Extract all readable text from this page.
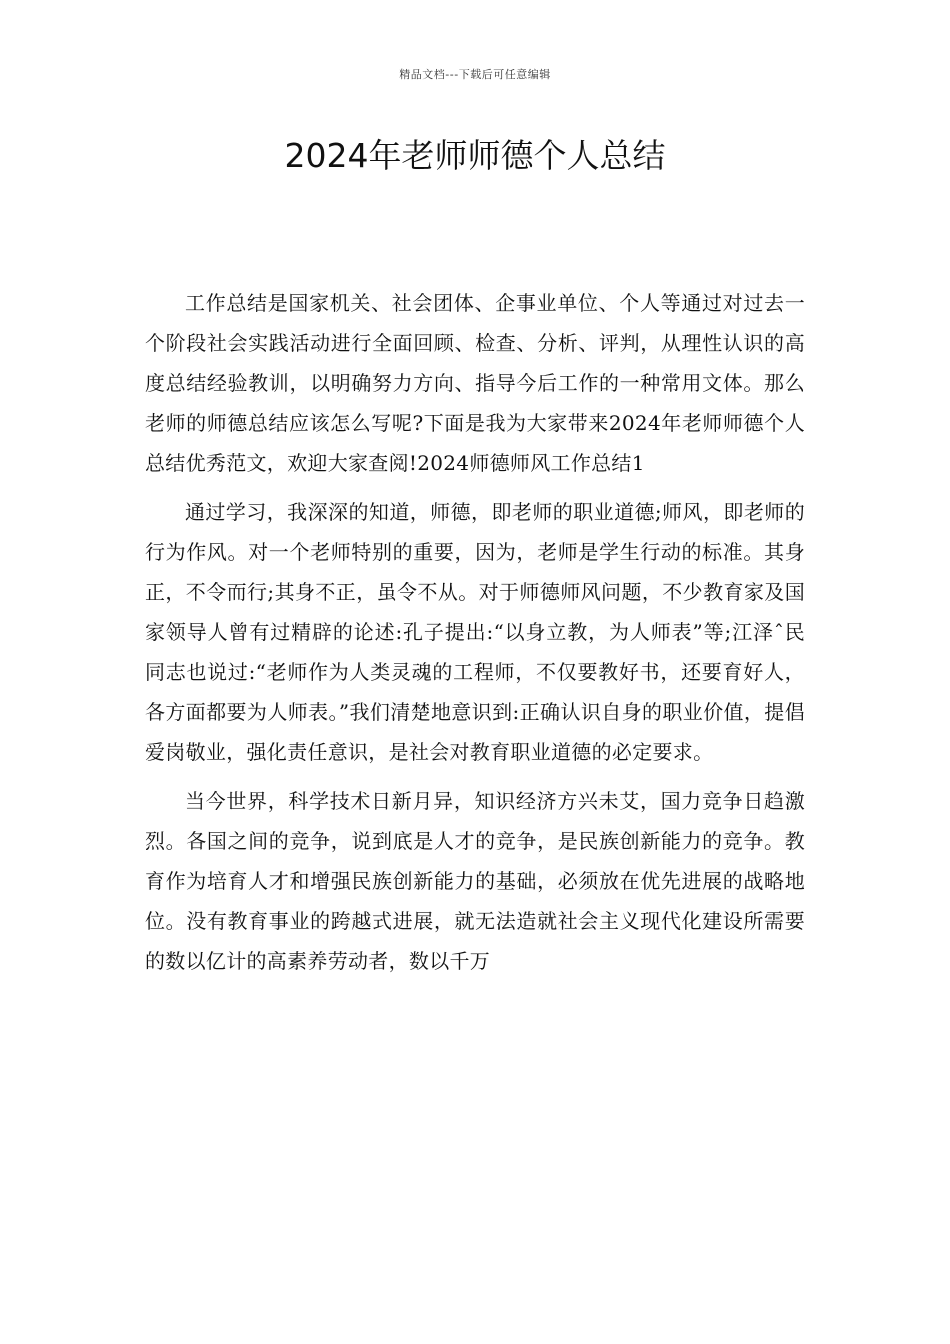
精品文档---下载后可任意编辑
2024年老师师德个人总结

工作总结是国家机关、社会团体、企事业单位、个人等通过对过去一个阶段社会实践活动进行全面回顾、检查、分析、评判，从理性认识的高度总结经验教训，以明确努力方向、指导今后工作的一种常用文体。那么老师的师德总结应该怎么写呢?下面是我为大家带来2024年老师师德个人总结优秀范文，欢迎大家查阅!2024师德师风工作总结1

通过学习，我深深的知道，师德，即老师的职业道德;师风，即老师的行为作风。对一个老师特别的重要，因为，老师是学生行动的标准。其身正，不令而行;其身不正，虽令不从。对于师德师风问题，不少教育家及国家领导人曾有过精辟的论述:孔子提出:“以身立教，为人师表”等;江泽ˆ民同志也说过:“老师作为人类灵魂的工程师，不仅要教好书，还要育好人，各方面都要为人师表。”我们清楚地意识到:正确认识自身的职业价值，提倡爱岗敬业，强化责任意识，是社会对教育职业道德的必定要求。

当今世界，科学技术日新月异，知识经济方兴未艾，国力竞争日趋激烈。各国之间的竞争，说到底是人才的竞争，是民族创新能力的竞争。教育作为培育人才和增强民族创新能力的基础，必须放在优先进展的战略地位。没有教育事业的跨越式进展，就无法造就社会主义现代化建设所需要的数以亿计的高素养劳动者，数以千万
